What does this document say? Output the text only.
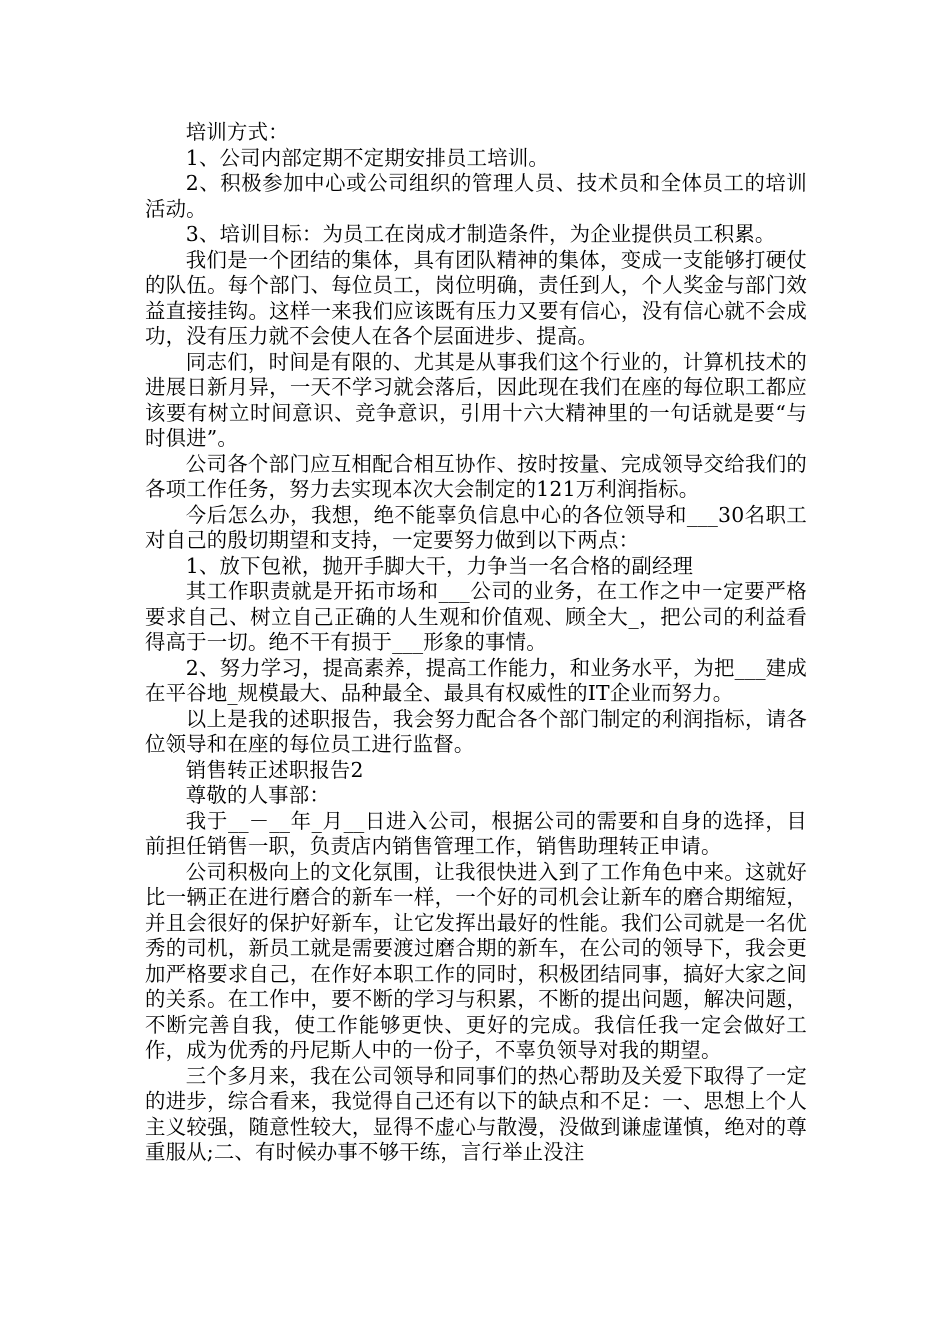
培训方式：

1、公司内部定期不定期安排员工培训。

2、积极参加中心或公司组织的管理人员、技术员和全体员工的培训活动。

3、培训目标：为员工在岗成才制造条件，为企业提供员工积累。

我们是一个团结的集体，具有团队精神的集体，变成一支能够打硬仗的队伍。每个部门、每位员工，岗位明确，责任到人，个人奖金与部门效益直接挂钩。这样一来我们应该既有压力又要有信心，没有信心就不会成功，没有压力就不会使人在各个层面进步、提高。

同志们，时间是有限的、尤其是从事我们这个行业的，计算机技术的进展日新月异，一天不学习就会落后，因此现在我们在座的每位职工都应该要有树立时间意识、竞争意识，引用十六大精神里的一句话就是要“与时俱进”。

公司各个部门应互相配合相互协作、按时按量、完成领导交给我们的各项工作任务，努力去实现本次大会制定的121万利润指标。

今后怎么办，我想，绝不能辜负信息中心的各位领导和___30名职工对自己的殷切期望和支持，一定要努力做到以下两点：

1、放下包袱，抛开手脚大干，力争当一名合格的副经理

其工作职责就是开拓市场和___公司的业务，在工作之中一定要严格要求自己、树立自己正确的人生观和价值观、顾全大_，把公司的利益看得高于一切。绝不干有损于___形象的事情。

2、努力学习，提高素养，提高工作能力，和业务水平，为把___建成在平谷地_规模最大、品种最全、最具有权威性的IT企业而努力。

以上是我的述职报告，我会努力配合各个部门制定的利润指标，请各位领导和在座的每位员工进行监督。

销售转正述职报告2

尊敬的人事部：

我于__－__年_月__日进入公司，根据公司的需要和自身的选择，目前担任销售一职，负责店内销售管理工作，销售助理转正申请。

公司积极向上的文化氛围，让我很快进入到了工作角色中来。这就好比一辆正在进行磨合的新车一样，一个好的司机会让新车的磨合期缩短，并且会很好的保护好新车，让它发挥出最好的性能。我们公司就是一名优秀的司机，新员工就是需要渡过磨合期的新车，在公司的领导下，我会更加严格要求自己，在作好本职工作的同时，积极团结同事，搞好大家之间的关系。在工作中，要不断的学习与积累，不断的提出问题，解决问题，不断完善自我，使工作能够更快、更好的完成。我信任我一定会做好工作，成为优秀的丹尼斯人中的一份子，不辜负领导对我的期望。

三个多月来，我在公司领导和同事们的热心帮助及关爱下取得了一定的进步，综合看来，我觉得自己还有以下的缺点和不足：一、思想上个人主义较强，随意性较大，显得不虚心与散漫，没做到谦虚谨慎，绝对的尊重服从;二、有时候办事不够干练，言行举止没注
